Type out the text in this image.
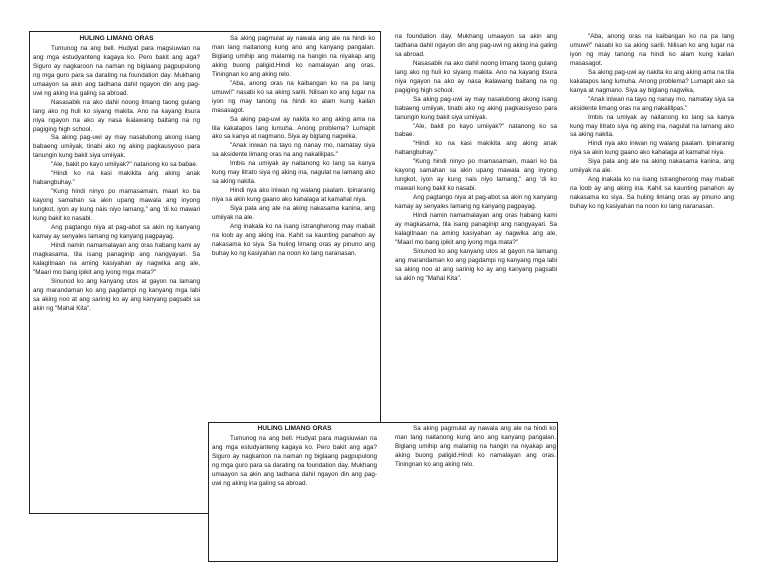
HULING LIMANG ORAS

Tumunog na ang bell. Hudyat para magsiuwian na ang mga estudyanteng kagaya ko. Pero bakit ang aga? Siguro ay nagkaroon na naman ng biglaang pagpupulong ng mga guro para sa darating na foundation day. Mukhang umaayon sa akin ang tadhana dahil ngayon din ang pag-uwi ng aking ina galing sa abroad.

Nasasabik na ako dahil noong limang taong gulang lang ako ng huli ko siyang makita. Ano na kayang itsura niya ngayon na ako ay nasa ikalawang baitang na ng pagiging high school.

Sa aking pag-uwi ay may nasalubong akong isang babaeng umiiyak, tinabi ako ng aking pagkausyoso para tanungin kung bakit siya umiiyak.

"Ale, bakit po kayo umiiyak?" natanong ko sa babae.

"Hindi ko na kasi makikita ang aking anak habangbuhay."

"Kung hindi ninyo po mamasamain, maari ko ba kayong samahan sa akin upang mawala ang inyong lungkot, iyon ay kung nais niyo lamang," ang 'di ko mawari kung bakit ko nasabi.

Ang pagtango niya at pag-abot sa akin ng kanyang kamay ay senyales lamang ng kanyang pagpayag.

Hindi namin namamalayan ang oras habang kami ay magkasama, tila isang panaginip ang nangyayari. Sa kalagitnaan na aming kasiyahan ay nagwika ang ale, "Maari mo bang ipikit ang iyong mga mata?"

Sinunod ko ang kanyang utos at gayon na lamang ang marandaman ko ang pagdampi ng kanyang mga labi sa aking noo at ang sarinig ko ay ang kanyang pagsabi sa akin ng "Mahal Kita".

Sa aking pagmulat ay nawala ang ale na hindi ko man lang naitanong kung ano ang kanyang pangalan. Biglang umihip ang malamig na hangin na niyakap ang aking buong paligid.Hindi ko namalayan ang oras. Tiningnan ko ang aking relo.

"Aba, anong oras na kaibangan ko na pa lang umuwi!" nasabi ko sa aking sarili. Nilisan ko ang lugar na iyon ng may tanong na hindi ko alam kung kailan masasagot.

Sa aking pag-uwi ay nakita ko ang aking ama na tila kakatapos lang lumuha. Anong problema? Lumapit ako sa kanya at nagmano. Siya ay biglang nagwika,

"Anak iniwan na tayo ng nanay mo, namatay siya sa aksidente limang oras na ang nakalilipas."

Imbis na umiyak ay naitanong ko lang sa kanya kung may litrato siya ng aking ina, nagulat na lamang ako sa aking nakita.

Hindi nya ako iniwan ng walang paalam. Ipinaranig niya sa akin kung gaano ako kahalaga at kamahal niya.

Siya pala ang ale na aking nakasama kanina, ang umiiyak na ale.

Ang inakala ko na isang istrangherong may mabait na loob ay ang aking ina. Kahit sa kaunting panahon ay nakasama ko siya. Sa huling limang oras ay pinuno ang buhay ko ng kasiyahan na noon ko lang naranasan.

na foundation day. Mukhang umaayon sa akin ang tadhana dahil ngayon din ang pag-uwi ng aking ina galing sa abroad.

Nasasabik na ako dahil noong limang taong gulang lang ako ng huli ko siyang makita. Ano na kayang itsura niya ngayon na ako ay nasa ikalawang baitang na ng pagiging high school.

Sa aking pag-uwi ay may nasalubong akong isang babaeng umiiyak, tinabi ako ng aking pagkausyoso para tanungin kung bakit siya umiiyak.

"Ale, bakit po kayo umiiyak?" natanong ko sa babae.

"Hindi ko na kasi makikita ang aking anak habangbuhay."

"Kung hindi ninyo po mamasamain, maari ko ba kayong samahan sa akin upang mawala ang inyong lungkot, iyon ay kung nais niyo lamang," ang 'di ko mawari kung bakit ko nasabi.

Ang pagtango niya at pag-abot sa akin ng kanyang kamay ay senyales lamang ng kanyang pagpayag.

Hindi namin namamalayan ang oras habang kami ay magkasama, tila isang panaginip ang nangyayari. Sa kalagitnaan na aming kasiyahan ay nagwika ang ale, "Maari mo bang ipikit ang iyong mga mata?"

Sinunod ko ang kanyang utos at gayon na lamang ang marandaman ko ang pagdampi ng kanyang mga labi sa aking noo at ang sarinig ko ay ang kanyang pagsabi sa akin ng "Mahal Kita".

"Aba, anong oras na kaibangan ko na pa lang umuwi!" nasabi ko sa aking sarili. Nilisan ko ang lugar na iyon ng may tanong na hindi ko alam kung kailan masasagot.

Sa aking pag-uwi ay nakita ko ang aking ama na tila kakatapos lang lumuha. Anong problema? Lumapit ako sa kanya at nagmano. Siya ay biglang nagwika,

"Anak iniwan na tayo ng nanay mo, namatay siya sa aksidente limang oras na ang nakalilipas."

Imbis na umiyak ay naitanong ko lang sa kanya kung may litrato siya ng aking ina, nagulat na lamang ako sa aking nakita.

Hindi nya ako iniwan ng walang paalam. Ipinaranig niya sa akin kung gaano ako kahalaga at kamahal niya.

Siya pala ang ale na aking nakasama kanina, ang umiiyak na ale.

Ang inakala ko na isang istrangherong may mabait na loob ay ang aking ina. Kahit sa kaunting panahon ay nakasama ko siya. Sa huling limang oras ay pinuno ang buhay ko ng kasiyahan na noon ko lang naranasan.

HULING LIMANG ORAS

Tumunog na ang bell. Hudyat para magsiuwian na ang mga estudyanteng kagaya ko. Pero bakit ang aga? Siguro ay nagkaroon na naman ng biglaang pagpupulong ng mga guro para sa darating na foundation day. Mukhang umaayon sa akin ang tadhana dahil ngayon din ang pag-uwi ng aking ina galing sa abroad.

Sa aking pagmulat ay nawala ang ale na hindi ko man lang naitanong kung ano ang kanyang pangalan. Biglang umihip ang malamig na hangin na niyakap ang aking buong paligid.Hindi ko namalayan ang oras. Tiningnan ko ang aking relo.
